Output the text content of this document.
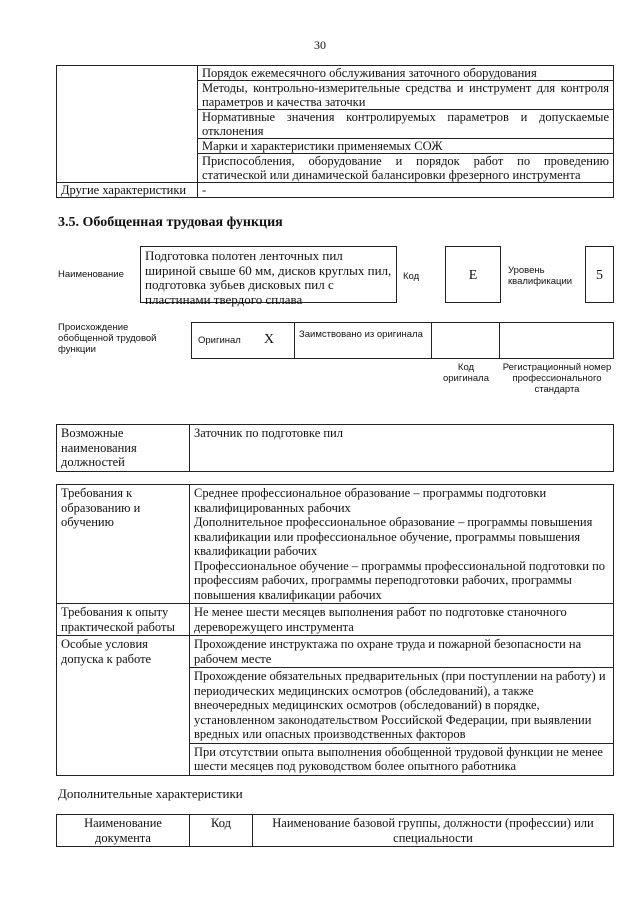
30
	Порядок ежемесячного обслуживания заточного оборудования
	Методы, контрольно-измерительные средства и инструмент для контроля параметров и качества заточки
	Нормативные значения контролируемых параметров и допускаемые отклонения
	Марки и характеристики применяемых СОЖ
	Приспособления, оборудование и порядок работ по проведению статической или динамической балансировки фрезерного инструмента
Другие характеристики	-
3.5. Обобщенная трудовая функция
Наименование
Подготовка полотен ленточных пил шириной свыше 60 мм, дисков круглых пил, подготовка зубьев дисковых пил с пластинами твердого сплава
Код	E	Уровень квалификации	5
Происхождение обобщенной трудовой функции
Оригинал X	Заимствовано из оригинала
Код оригинала
Регистрационный номер профессионального стандарта
Возможные наименования должностей	Заточник по подготовке пил
Требования к образованию и обучению	Среднее профессиональное образование – программы подготовки квалифицированных рабочих
Дополнительное профессиональное образование – программы повышения квалификации или профессиональное обучение, программы повышения квалификации рабочих
Профессиональное обучение – программы профессиональной подготовки по профессиям рабочих, программы переподготовки рабочих, программы повышения квалификации рабочих

Требования к опыту практической работы	Не менее шести месяцев выполнения работ по подготовке станочного дереворежущего инструмента
Особые условия допуска к работе	Прохождение инструктажа по охране труда и пожарной безопасности на рабочем месте
	Прохождение обязательных предварительных (при поступлении на работу) и периодических медицинских осмотров (обследований), а также внеочередных медицинских осмотров (обследований) в порядке, установленном законодательством Российской Федерации, при выявлении вредных или опасных производственных факторов
	При отсутствии опыта выполнения обобщенной трудовой функции не менее шести месяцев под руководством более опытного работника
Дополнительные характеристики
Наименование документа	Код	Наименование базовой группы, должности (профессии) или специальности
